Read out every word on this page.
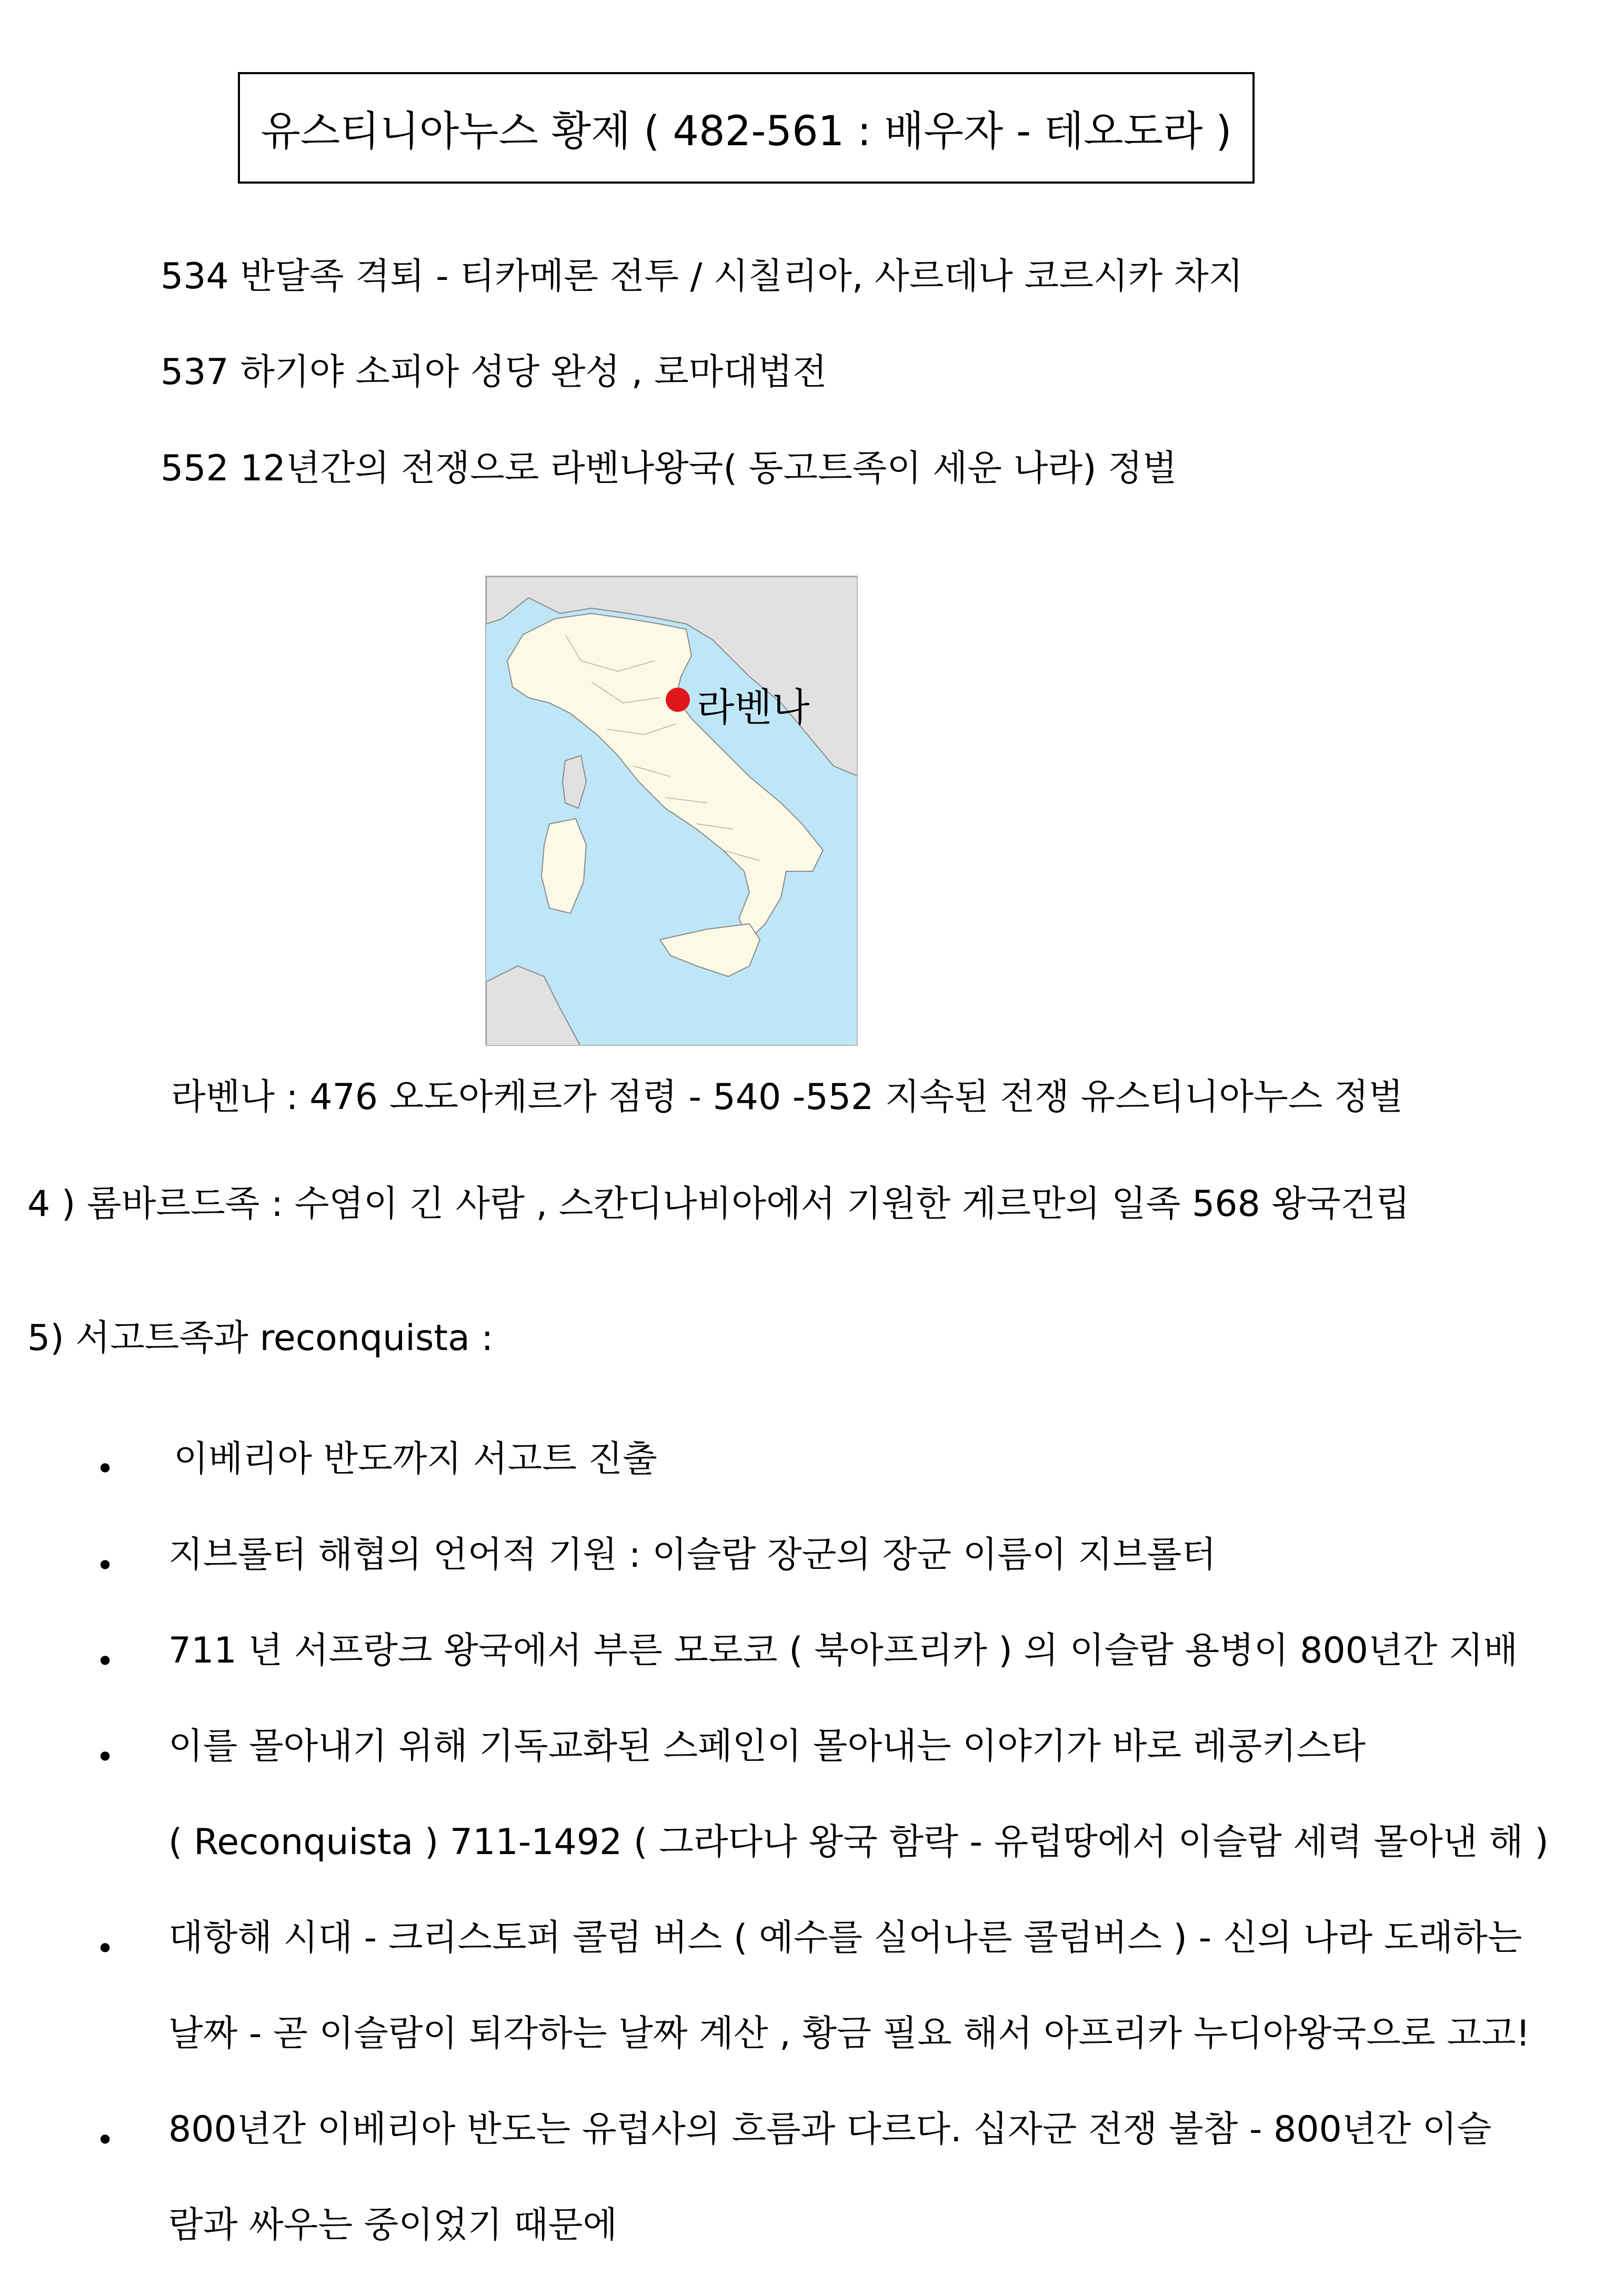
유스티니아누스 황제 ( 482-561 : 배우자 - 테오도라 )
534 반달족 격퇴 - 티카메론 전투 / 시칠리아, 사르데나 코르시카 차지
537 하기야 소피아 성당 완성 , 로마대법전
552 12년간의 전쟁으로 라벤나왕국( 동고트족이 세운 나라) 정벌
라벤나
라벤나 : 476 오도아케르가 점령 - 540 -552 지속된 전쟁 유스티니아누스 정벌
4 ) 롬바르드족 : 수염이 긴 사람 , 스칸디나비아에서 기원한 게르만의 일족 568 왕국건립
5) 서고트족과 reconquista :
• 이베리아 반도까지 서고트 진출
• 지브롤터 해협의 언어적 기원 : 이슬람 장군의 장군 이름이 지브롤터
• 711 년 서프랑크 왕국에서 부른 모로코 ( 북아프리카 ) 의 이슬람 용병이 800년간 지배
• 이를 몰아내기 위해 기독교화된 스페인이 몰아내는 이야기가 바로 레콩키스타
( Reconquista ) 711-1492 ( 그라다나 왕국 함락 - 유럽땅에서 이슬람 세력 몰아낸 해 )
• 대항해 시대 - 크리스토퍼 콜럼 버스 ( 예수를 실어나른 콜럼버스 ) - 신의 나라 도래하는
날짜 - 곧 이슬람이 퇴각하는 날짜 계산 , 황금 필요 해서 아프리카 누디아왕국으로 고고!
• 800년간 이베리아 반도는 유럽사의 흐름과 다르다. 십자군 전쟁 불참 - 800년간 이슬
람과 싸우는 중이었기 때문에
